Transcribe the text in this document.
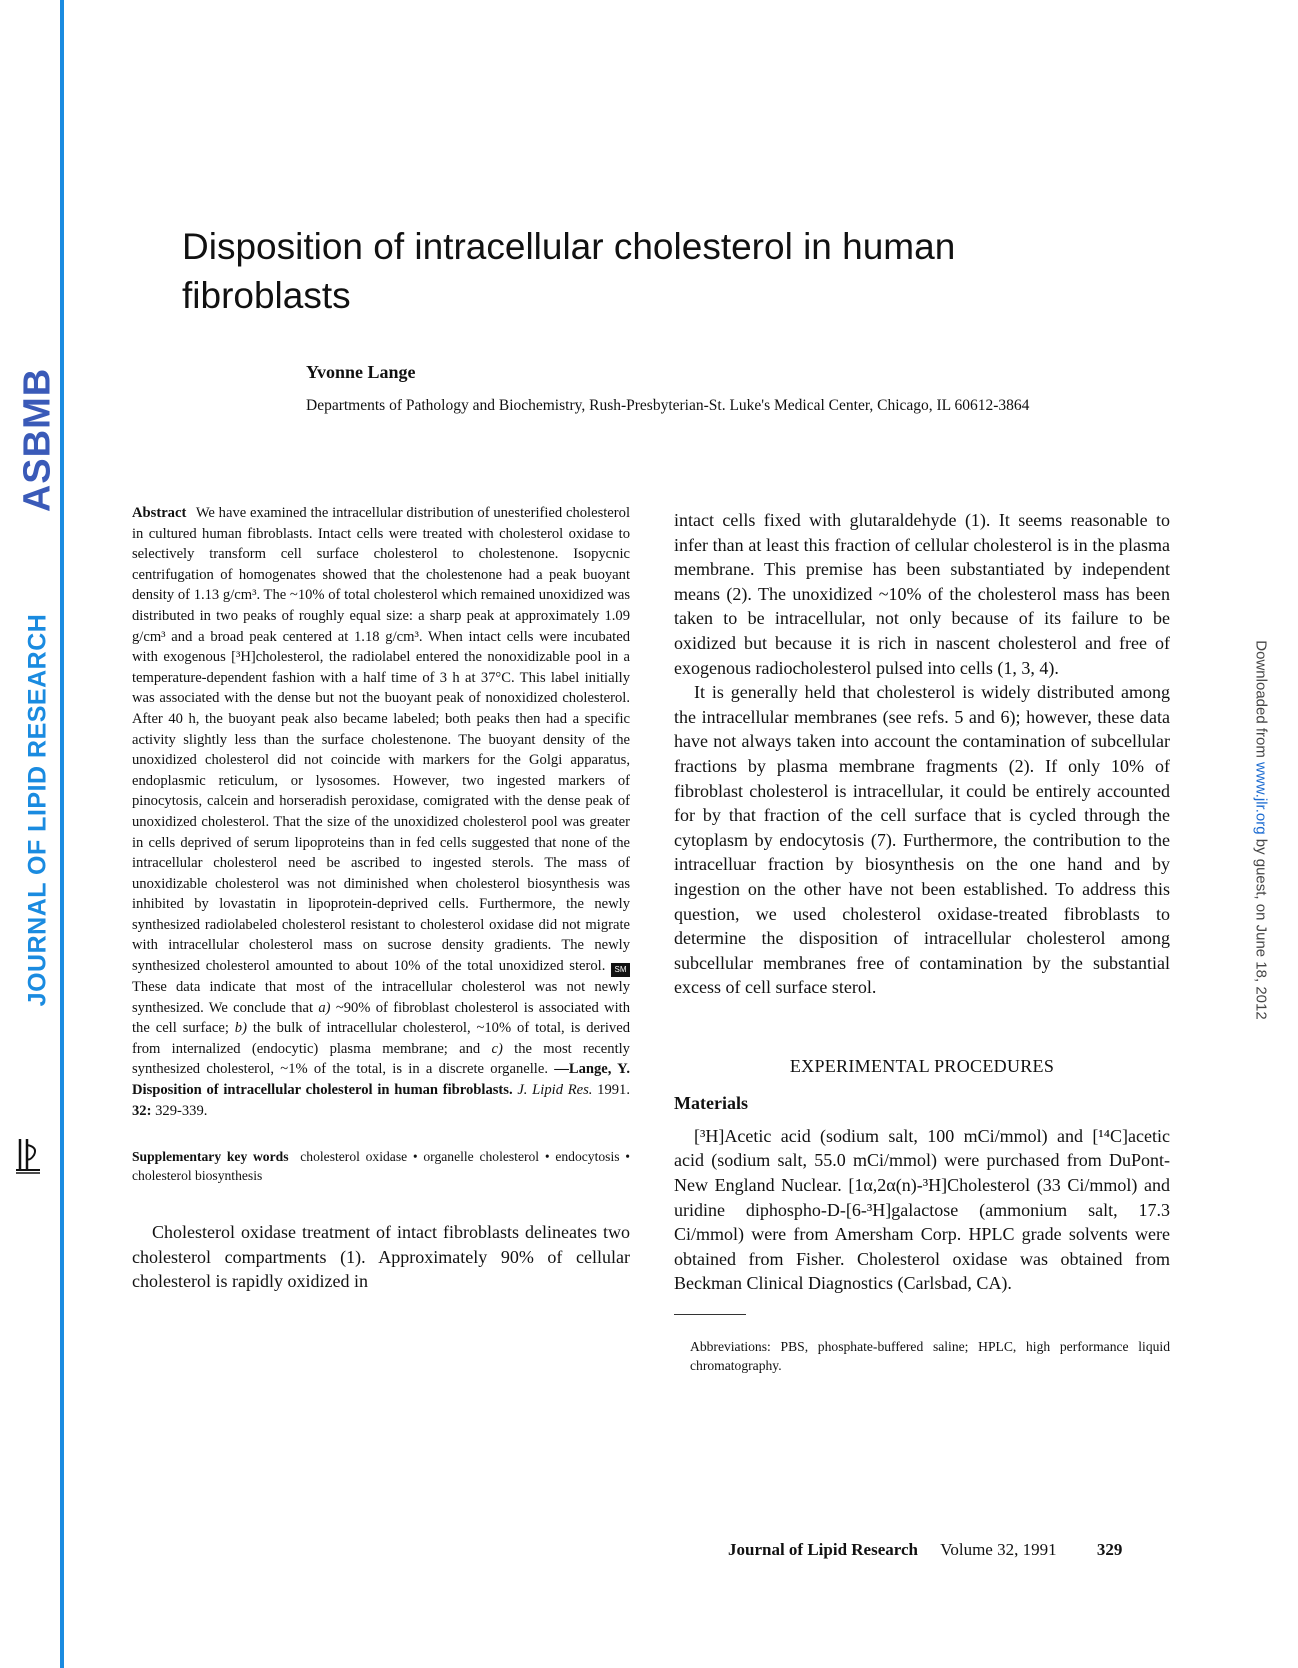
ASBMB
JOURNAL OF LIPID RESEARCH	Downloaded from www.jlr.org by guest, on June 18, 2012
Disposition of intracellular cholesterol in human fibroblasts
Yvonne Lange
Departments of Pathology and Biochemistry, Rush-Presbyterian-St. Luke's Medical Center, Chicago, IL 60612-3864

Abstract We have examined the intracellular distribution of unesterified cholesterol in cultured human fibroblasts. Intact cells were treated with cholesterol oxidase to selectively transform cell surface cholesterol to cholestenone. Isopycnic centrifugation of homogenates showed that the cholestenone had a peak buoyant density of 1.13 g/cm³. The ~10% of total cholesterol which remained unoxidized was distributed in two peaks of roughly equal size: a sharp peak at approximately 1.09 g/cm³ and a broad peak centered at 1.18 g/cm³. When intact cells were incubated with exogenous [³H]cholesterol, the radiolabel entered the nonoxidizable pool in a temperature-dependent fashion with a half time of 3 h at 37°C. This label initially was associated with the dense but not the buoyant peak of nonoxidized cholesterol. After 40 h, the buoyant peak also became labeled; both peaks then had a specific activity slightly less than the surface cholestenone. The buoyant density of the unoxidized cholesterol did not coincide with markers for the Golgi apparatus, endoplasmic reticulum, or lysosomes. However, two ingested markers of pinocytosis, calcein and horseradish peroxidase, comigrated with the dense peak of unoxidized cholesterol. That the size of the unoxidized cholesterol pool was greater in cells deprived of serum lipoproteins than in fed cells suggested that none of the intracellular cholesterol need be ascribed to ingested sterols. The mass of unoxidizable cholesterol was not diminished when cholesterol biosynthesis was inhibited by lovastatin in lipoprotein-deprived cells. Furthermore, the newly synthesized radiolabeled cholesterol resistant to cholesterol oxidase did not migrate with intracellular cholesterol mass on sucrose density gradients. The newly synthesized cholesterol amounted to about 10% of the total unoxidized sterol. SM These data indicate that most of the intracellular cholesterol was not newly synthesized. We conclude that a) ~90% of fibroblast cholesterol is associated with the cell surface; b) the bulk of intracellular cholesterol, ~10% of total, is derived from internalized (endocytic) plasma membrane; and c) the most recently synthesized cholesterol, ~1% of the total, is in a discrete organelle. —Lange, Y. Disposition of intracellular cholesterol in human fibroblasts. J. Lipid Res. 1991. 32: 329-339.

Supplementary key words cholesterol oxidase • organelle cholesterol • endocytosis • cholesterol biosynthesis

Cholesterol oxidase treatment of intact fibroblasts delineates two cholesterol compartments (1). Approximately 90% of cellular cholesterol is rapidly oxidized in

intact cells fixed with glutaraldehyde (1). It seems reasonable to infer than at least this fraction of cellular cholesterol is in the plasma membrane. This premise has been substantiated by independent means (2). The unoxidized ~10% of the cholesterol mass has been taken to be intracellular, not only because of its failure to be oxidized but because it is rich in nascent cholesterol and free of exogenous radiocholesterol pulsed into cells (1, 3, 4).

It is generally held that cholesterol is widely distributed among the intracellular membranes (see refs. 5 and 6); however, these data have not always taken into account the contamination of subcellular fractions by plasma membrane fragments (2). If only 10% of fibroblast cholesterol is intracellular, it could be entirely accounted for by that fraction of the cell surface that is cycled through the cytoplasm by endocytosis (7). Furthermore, the contribution to the intracelluar fraction by biosynthesis on the one hand and by ingestion on the other have not been established. To address this question, we used cholesterol oxidase-treated fibroblasts to determine the disposition of intracellular cholesterol among subcellular membranes free of contamination by the substantial excess of cell surface sterol.

EXPERIMENTAL PROCEDURES
Materials

[³H]Acetic acid (sodium salt, 100 mCi/mmol) and [¹⁴C]acetic acid (sodium salt, 55.0 mCi/mmol) were purchased from DuPont-New England Nuclear. [1α,2α(n)-³H]Cholesterol (33 Ci/mmol) and uridine diphospho-D-[6-³H]galactose (ammonium salt, 17.3 Ci/mmol) were from Amersham Corp. HPLC grade solvents were obtained from Fisher. Cholesterol oxidase was obtained from Beckman Clinical Diagnostics (Carlsbad, CA).

Abbreviations: PBS, phosphate-buffered saline; HPLC, high performance liquid chromatography.
Journal of Lipid Research Volume 32, 1991 329
